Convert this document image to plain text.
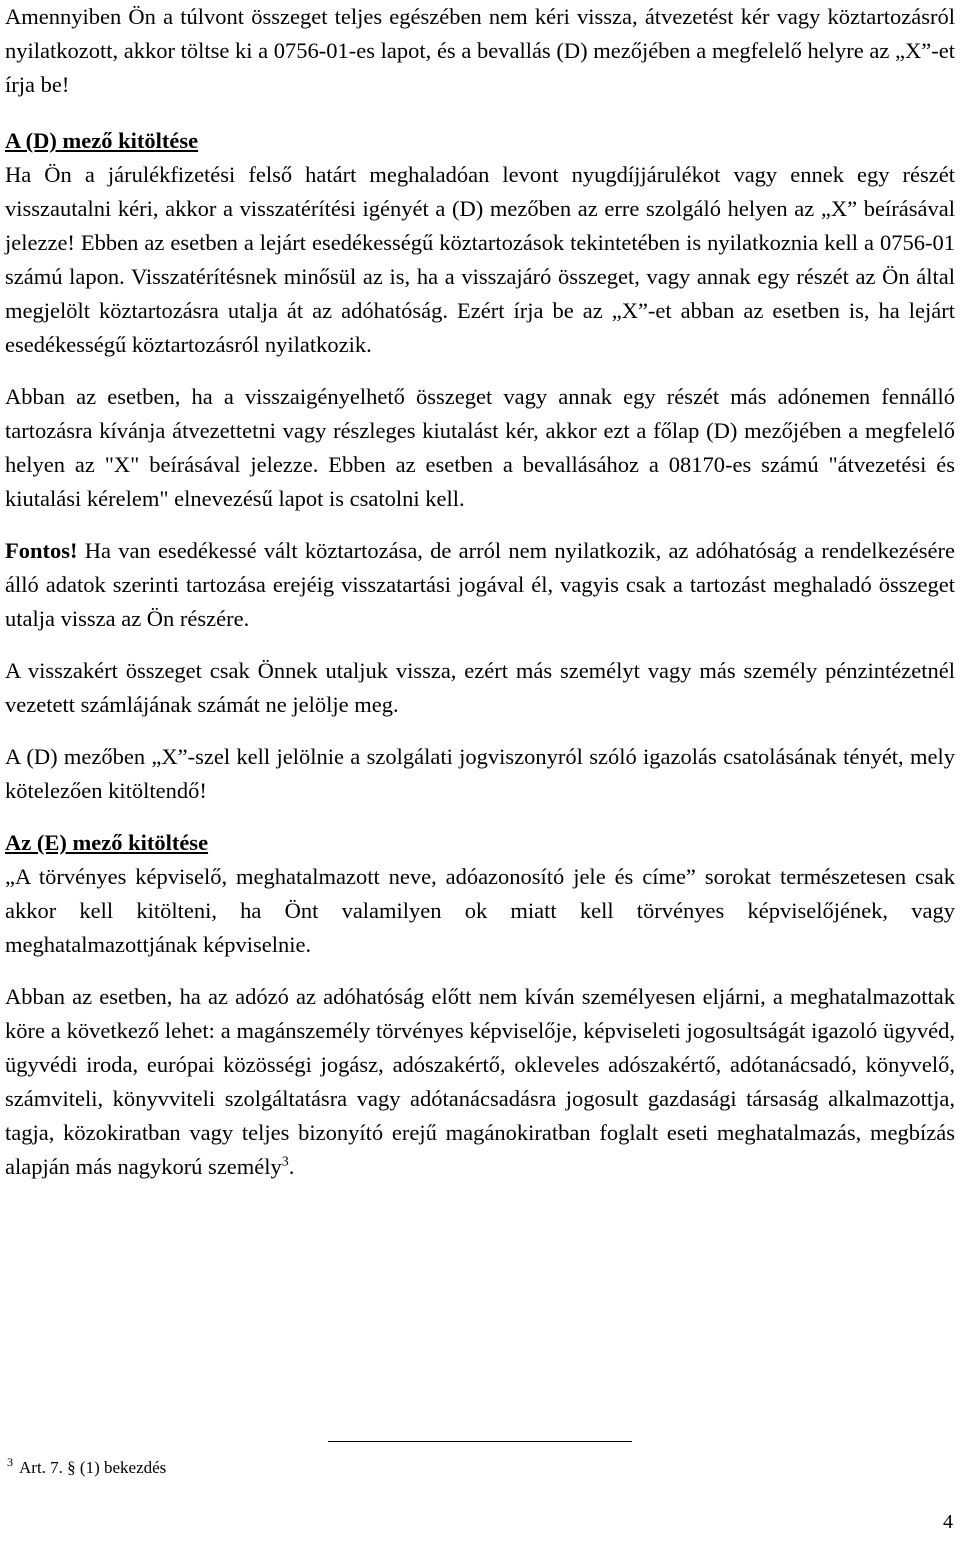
Amennyiben Ön a túlvont összeget teljes egészében nem kéri vissza, átvezetést kér vagy köztartozásról nyilatkozott, akkor töltse ki a 0756-01-es lapot, és a bevallás (D) mezőjében a megfelelő helyre az „X”-et írja be!

A (D) mező kitöltése

Ha Ön a járulékfizetési felső határt meghaladóan levont nyugdíjjárulékot vagy ennek egy részét visszautalni kéri, akkor a visszatérítési igényét a (D) mezőben az erre szolgáló helyen az „X” beírásával jelezze! Ebben az esetben a lejárt esedékességű köztartozások tekintetében is nyilatkoznia kell a 0756-01 számú lapon. Visszatérítésnek minősül az is, ha a visszajáró összeget, vagy annak egy részét az Ön által megjelölt köztartozásra utalja át az adóhatóság. Ezért írja be az „X”-et abban az esetben is, ha lejárt esedékességű köztartozásról nyilatkozik.

Abban az esetben, ha a visszaigényelhető összeget vagy annak egy részét más adónemen fennálló tartozásra kívánja átvezettetni vagy részleges kiutalást kér, akkor ezt a főlap (D) mezőjében a megfelelő helyen az "X" beírásával jelezze. Ebben az esetben a bevallásához a 08170-es számú "átvezetési és kiutalási kérelem" elnevezésű lapot is csatolni kell.

Fontos! Ha van esedékessé vált köztartozása, de arról nem nyilatkozik, az adóhatóság a rendelkezésére álló adatok szerinti tartozása erejéig visszatartási jogával él, vagyis csak a tartozást meghaladó összeget utalja vissza az Ön részére.

A visszakért összeget csak Önnek utaljuk vissza, ezért más személyt vagy más személy pénzintézetnél vezetett számlájának számát ne jelölje meg.

A (D) mezőben „X”-szel kell jelölnie a szolgálati jogviszonyról szóló igazolás csatolásának tényét, mely kötelezően kitöltendő!

Az (E) mező kitöltése

„A törvényes képviselő, meghatalmazott neve, adóazonosító jele és címe” sorokat természetesen csak akkor kell kitölteni, ha Önt valamilyen ok miatt kell törvényes képviselőjének, vagy meghatalmazottjának képviselnie.

Abban az esetben, ha az adózó az adóhatóság előtt nem kíván személyesen eljárni, a meghatalmazottak köre a következő lehet: a magánszemély törvényes képviselője, képviseleti jogosultságát igazoló ügyvéd, ügyvédi iroda, európai közösségi jogász, adószakértő, okleveles adószakértő, adótanácsadó, könyvelő, számviteli, könyvviteli szolgáltatásra vagy adótanácsadásra jogosult gazdasági társaság alkalmazottja, tagja, közokiratban vagy teljes bizonyító erejű magánokiratban foglalt eseti meghatalmazás, megbízás alapján más nagykorú személy$^3$.

$^3$ Art. 7. § (1) bekezdés
4
